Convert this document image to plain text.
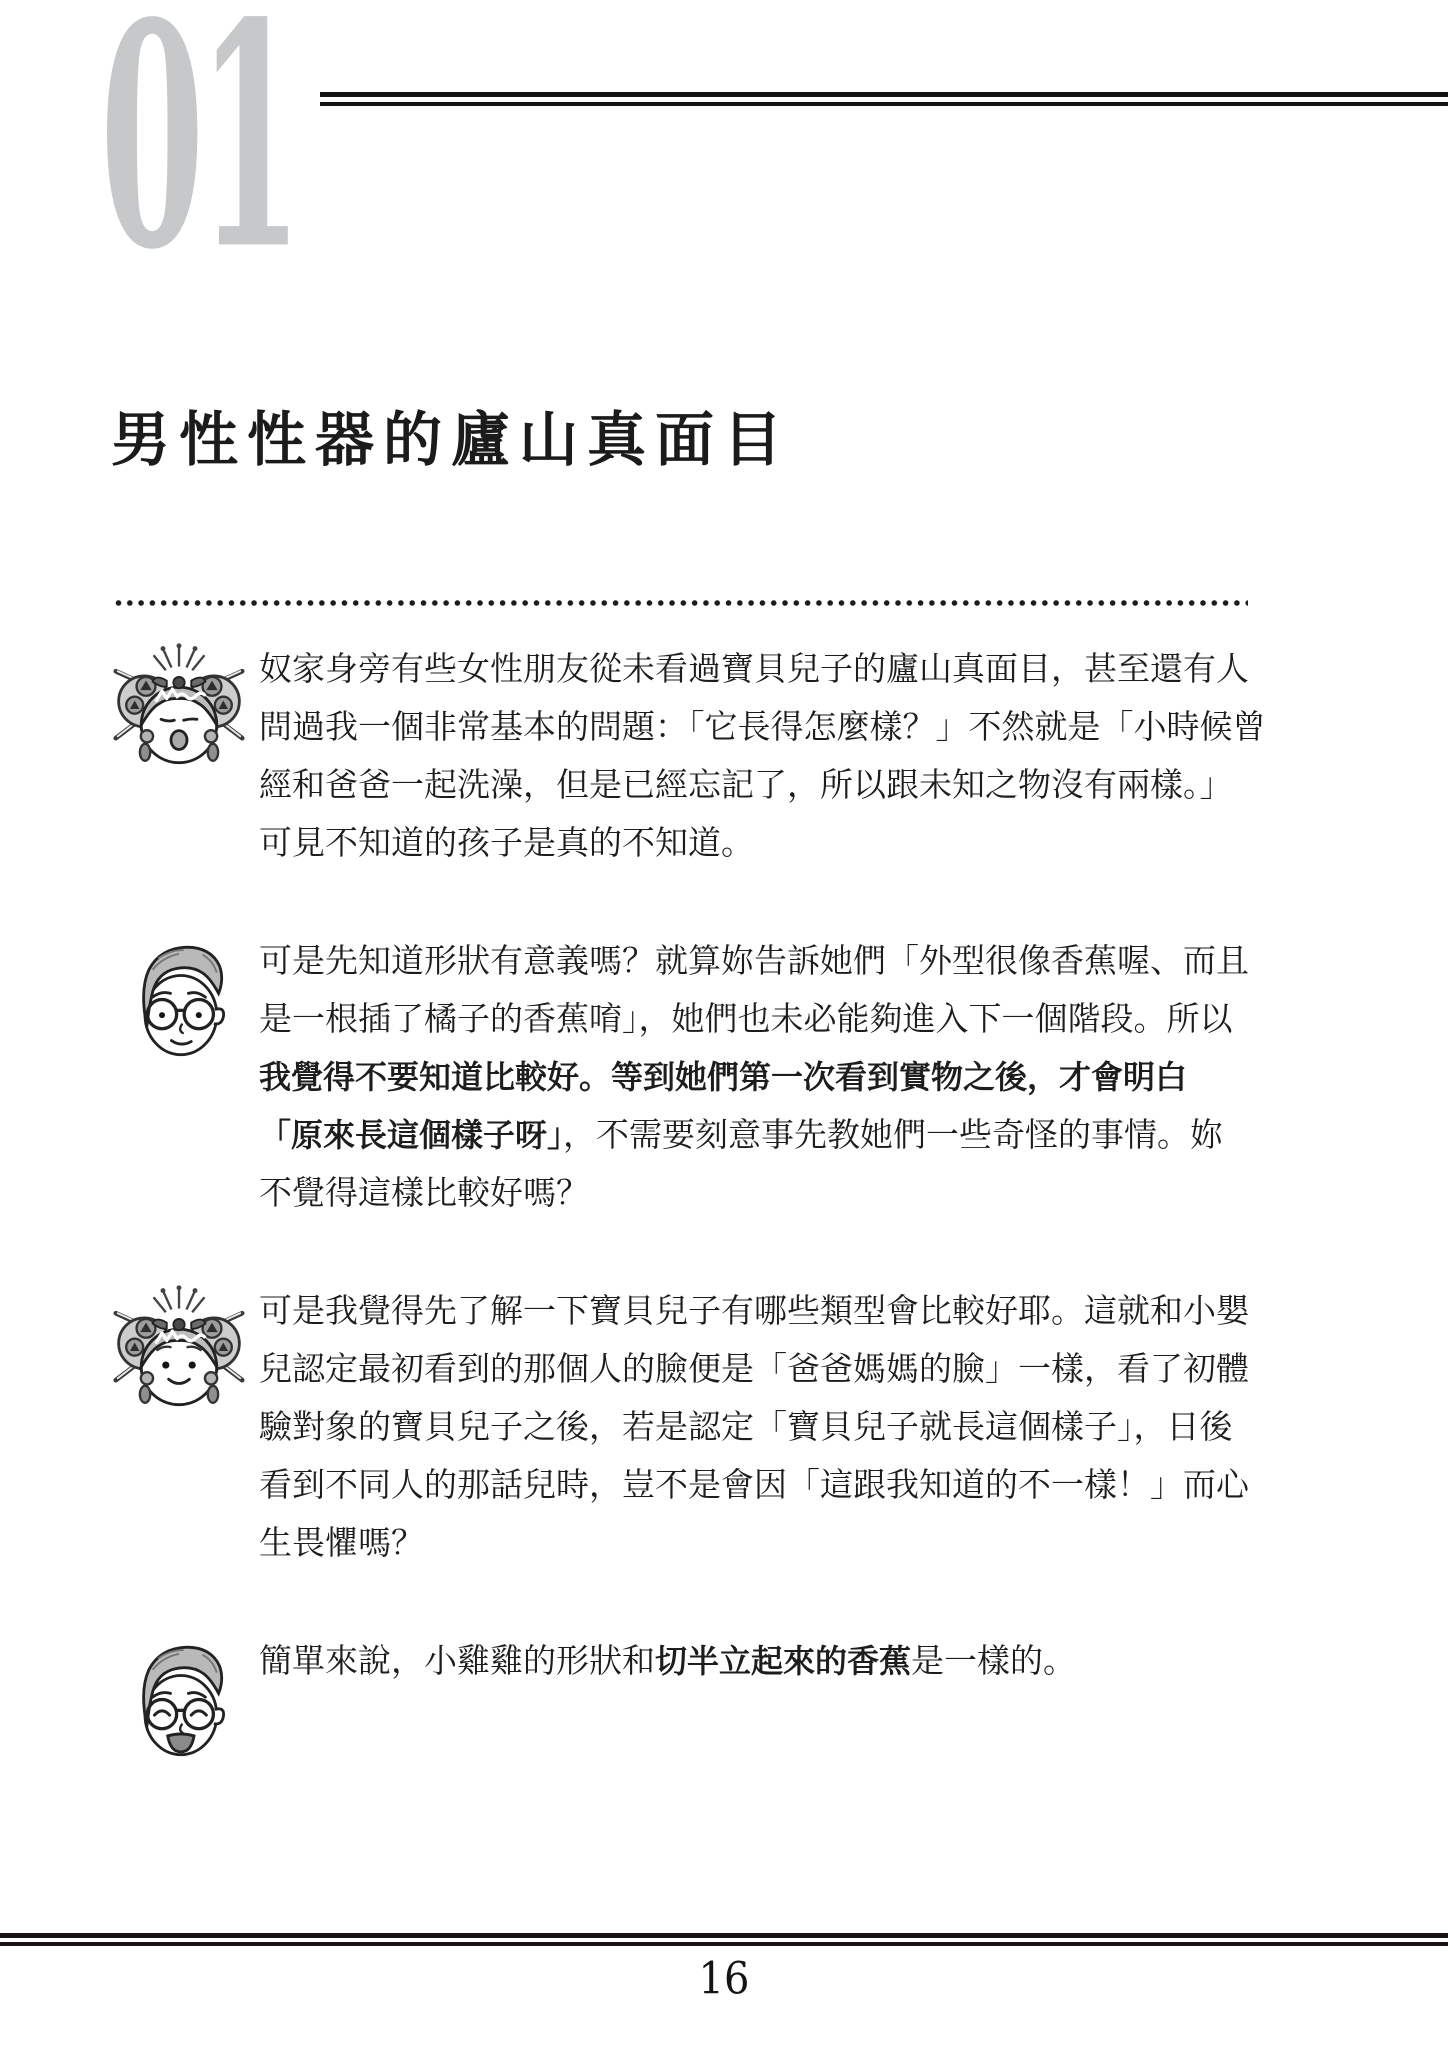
01
男性性器的廬山真面目
奴家身旁有些女性朋友從未看過寶貝兒子的廬山真面目，甚至還有人
問過我一個非常基本的問題：「它長得怎麼樣？」不然就是「小時候曾
經和爸爸一起洗澡，但是已經忘記了，所以跟未知之物沒有兩樣。」
可見不知道的孩子是真的不知道。
可是先知道形狀有意義嗎？就算妳告訴她們「外型很像香蕉喔、而且
是一根插了橘子的香蕉唷」，她們也未必能夠進入下一個階段。所以
我覺得不要知道比較好。等到她們第一次看到實物之後，才會明白
「原來長這個樣子呀」，不需要刻意事先教她們一些奇怪的事情。妳
不覺得這樣比較好嗎？
可是我覺得先了解一下寶貝兒子有哪些類型會比較好耶。這就和小嬰
兒認定最初看到的那個人的臉便是「爸爸媽媽的臉」一樣，看了初體
驗對象的寶貝兒子之後，若是認定「寶貝兒子就長這個樣子」，日後
看到不同人的那話兒時，豈不是會因「這跟我知道的不一樣！」而心
生畏懼嗎？
簡單來說，小雞雞的形狀和切半立起來的香蕉是一樣的。
16
